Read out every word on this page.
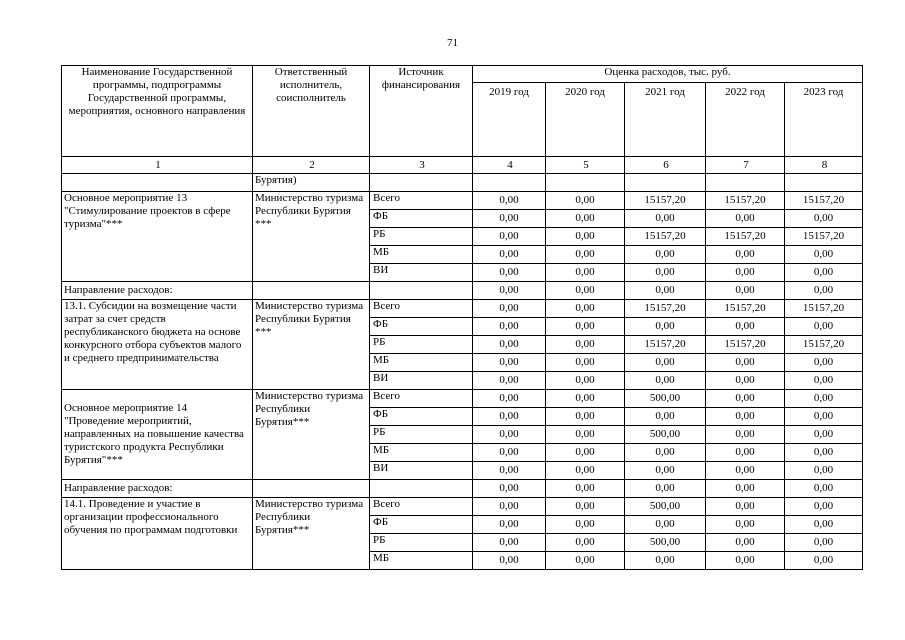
71
Наименование Государственной программы, подпрограммы Государственной программы, мероприятия, основного направления	Ответственный исполнитель, соисполнитель	Источник финансирования	Оценка расходов, тыс. руб.				
			2019 год	2020 год	2021 год	2022 год	2023 год
1	2	3	4	5	6	7	8
	Бурятия)						
Основное мероприятие 13 "Стимулирование проектов в сфере туризма"***	Министерство туризма Республики Бурятия ***	Всего	0,00	0,00	15157,20	15157,20	15157,20
		ФБ	0,00	0,00	0,00	0,00	0,00
		РБ	0,00	0,00	15157,20	15157,20	15157,20
		МБ	0,00	0,00	0,00	0,00	0,00
		ВИ	0,00	0,00	0,00	0,00	0,00
Направление расходов:			0,00	0,00	0,00	0,00	0,00
13.1. Субсидии на возмещение части затрат за счет средств республиканского бюджета на основе конкурсного отбора субъектов малого и среднего предпринимательства	Министерство туризма Республики Бурятия ***	Всего	0,00	0,00	15157,20	15157,20	15157,20
		ФБ	0,00	0,00	0,00	0,00	0,00
		РБ	0,00	0,00	15157,20	15157,20	15157,20
		МБ	0,00	0,00	0,00	0,00	0,00
		ВИ	0,00	0,00	0,00	0,00	0,00
Основное мероприятие 14 "Проведение мероприятий, направленных на повышение качества туристского продукта Республики Бурятия"***	Министерство туризма Республики Бурятия***	Всего	0,00	0,00	500,00	0,00	0,00
		ФБ	0,00	0,00	0,00	0,00	0,00
		РБ	0,00	0,00	500,00	0,00	0,00
		МБ	0,00	0,00	0,00	0,00	0,00
		ВИ	0,00	0,00	0,00	0,00	0,00
Направление расходов:			0,00	0,00	0,00	0,00	0,00
14.1. Проведение и участие в организации профессионального обучения по программам подготовки	Министерство туризма Республики Бурятия***	Всего	0,00	0,00	500,00	0,00	0,00
		ФБ	0,00	0,00	0,00	0,00	0,00
		РБ	0,00	0,00	500,00	0,00	0,00
		МБ	0,00	0,00	0,00	0,00	0,00
